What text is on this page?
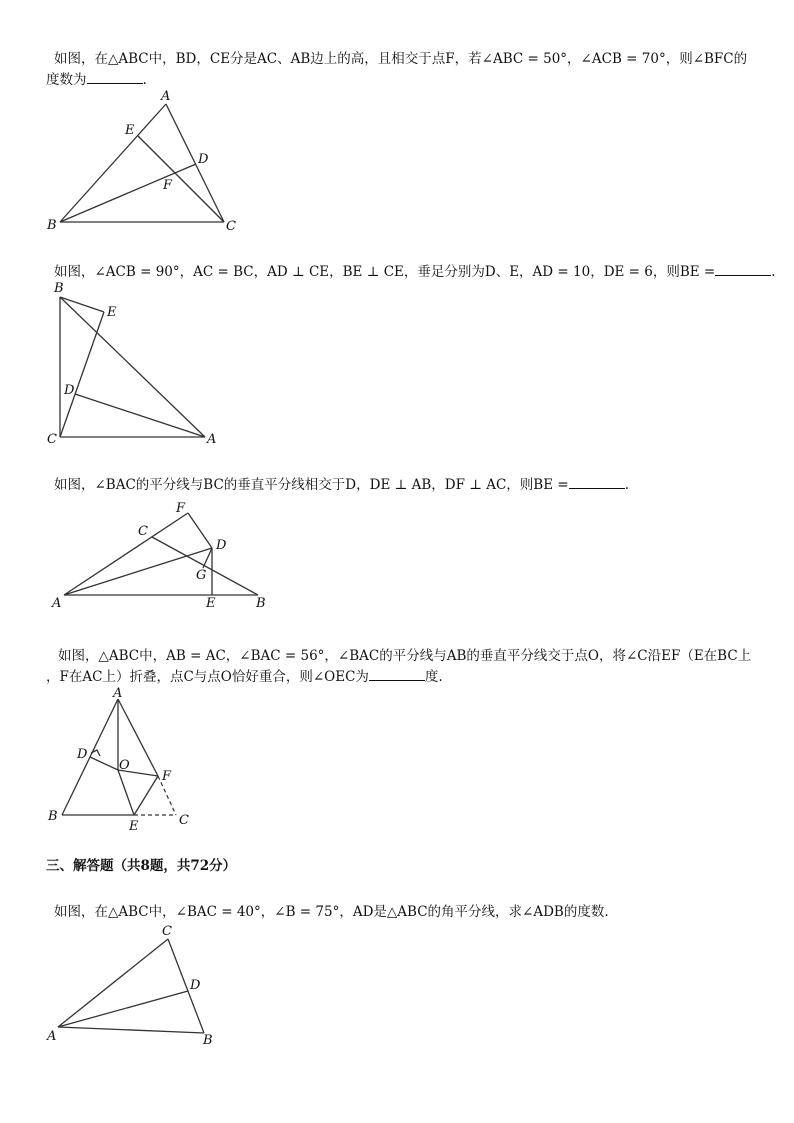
如图，在△ABC中，BD，CE分是AC、AB边上的高，且相交于点F，若∠ABC = 50°，∠ACB = 70°，则∠BFC的
度数为	.
如图，∠ACB = 90°，AC = BC，AD ⊥ CE，BE ⊥ CE，垂足分别为D、E，AD = 10，DE = 6，则BE =	.
如图，∠BAC的平分线与BC的垂直平分线相交于D，DE ⊥ AB，DF ⊥ AC，则BE =	.
如图，△ABC中，AB = AC，∠BAC = 56°，∠BAC的平分线与AB的垂直平分线交于点O，将∠C沿EF（E在BC上
，F在AC上）折叠，点C与点O恰好重合，则∠OEC为	度.
三、解答题（共8题，共72分）
如图，在△ABC中，∠BAC = 40°，∠B = 75°，AD是△ABC的角平分线，求∠ADB的度数.
A
E
D
F
B	C
B
E
D
C	A
F
C
D
G
A	E	B
A
D
O
F
B
E	C
C
D
A	B
